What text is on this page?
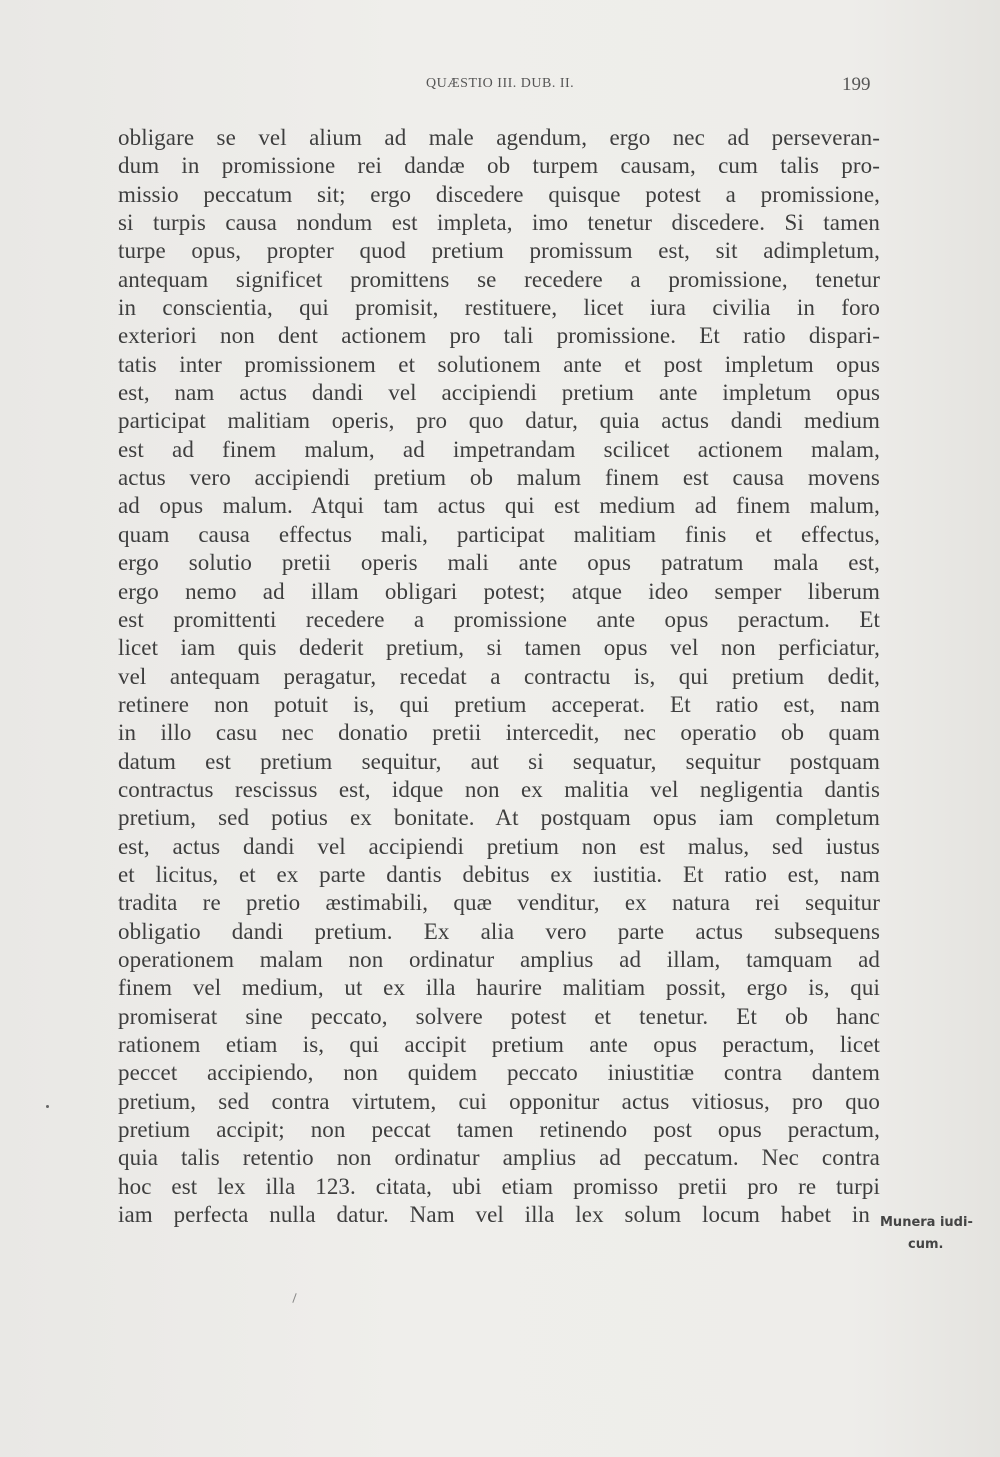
QUÆSTIO III. DUB. II.	199
obligare se vel alium ad male agendum, ergo nec ad perseveran-
dum in promissione rei dandæ ob turpem causam, cum talis pro-
missio peccatum sit; ergo discedere quisque potest a promissione,
si turpis causa nondum est impleta, imo tenetur discedere. Si tamen
turpe opus, propter quod pretium promissum est, sit adimpletum,
antequam significet promittens se recedere a promissione, tenetur
in conscientia, qui promisit, restituere, licet iura civilia in foro
exteriori non dent actionem pro tali promissione. Et ratio dispari-
tatis inter promissionem et solutionem ante et post impletum opus
est, nam actus dandi vel accipiendi pretium ante impletum opus
participat malitiam operis, pro quo datur, quia actus dandi medium
est ad finem malum, ad impetrandam scilicet actionem malam,
actus vero accipiendi pretium ob malum finem est causa movens
ad opus malum. Atqui tam actus qui est medium ad finem malum,
quam causa effectus mali, participat malitiam finis et effectus,
ergo solutio pretii operis mali ante opus patratum mala est,
ergo nemo ad illam obligari potest; atque ideo semper liberum
est promittenti recedere a promissione ante opus peractum. Et
licet iam quis dederit pretium, si tamen opus vel non perficiatur,
vel antequam peragatur, recedat a contractu is, qui pretium dedit,
retinere non potuit is, qui pretium acceperat. Et ratio est, nam
in illo casu nec donatio pretii intercedit, nec operatio ob quam
datum est pretium sequitur, aut si sequatur, sequitur postquam
contractus rescissus est, idque non ex malitia vel negligentia dantis
pretium, sed potius ex bonitate. At postquam opus iam completum
est, actus dandi vel accipiendi pretium non est malus, sed iustus
et licitus, et ex parte dantis debitus ex iustitia. Et ratio est, nam
tradita re pretio æstimabili, quæ venditur, ex natura rei sequitur
obligatio dandi pretium. Ex alia vero parte actus subsequens
operationem malam non ordinatur amplius ad illam, tamquam ad
finem vel medium, ut ex illa haurire malitiam possit, ergo is, qui
promiserat sine peccato, solvere potest et tenetur. Et ob hanc
rationem etiam is, qui accipit pretium ante opus peractum, licet
peccet accipiendo, non quidem peccato iniustitiæ contra dantem
pretium, sed contra virtutem, cui opponitur actus vitiosus, pro quo
pretium accipit; non peccat tamen retinendo post opus peractum,
quia talis retentio non ordinatur amplius ad peccatum. Nec contra
hoc est lex illa 123. citata, ubi etiam promisso pretii pro re turpi
iam perfecta nulla datur. Nam vel illa lex solum locum habet in Munera iudi-
cum.
